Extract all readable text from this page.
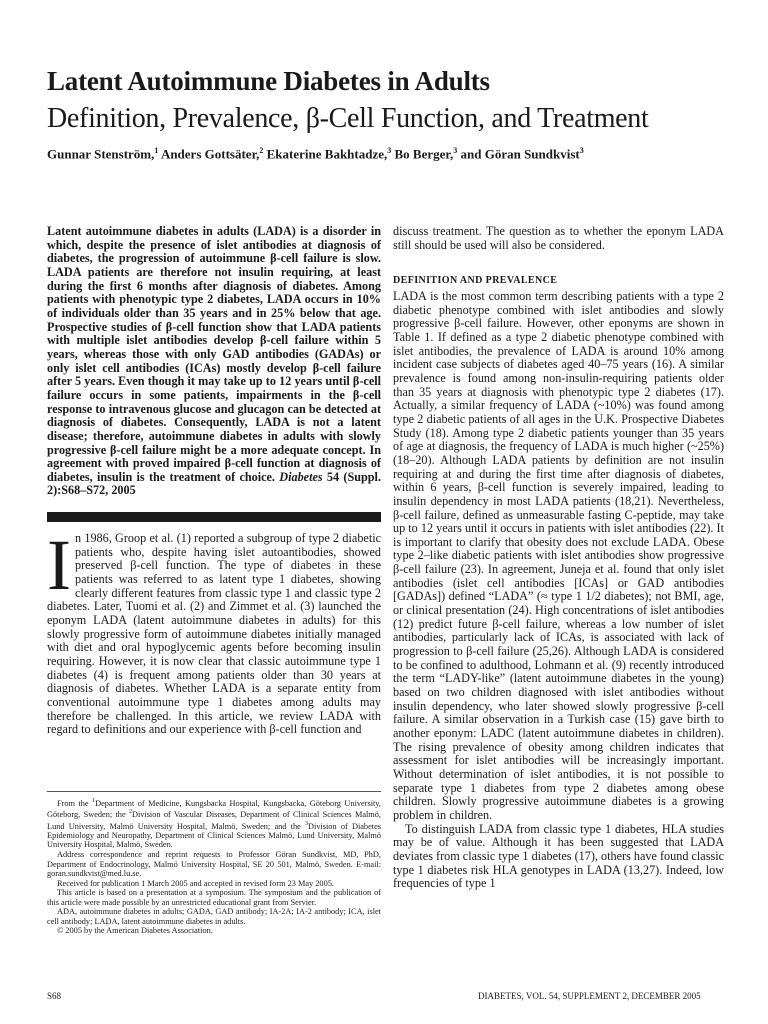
Latent Autoimmune Diabetes in Adults
Definition, Prevalence, β-Cell Function, and Treatment
Gunnar Stenström,$^1$ Anders Gottsäter,$^2$ Ekaterine Bakhtadze,$^3$ Bo Berger,$^3$ and Göran Sundkvist$^3$

Latent autoimmune diabetes in adults (LADA) is a disorder in which, despite the presence of islet antibodies at diagnosis of diabetes, the progression of autoimmune β-cell failure is slow. LADA patients are therefore not insulin requiring, at least during the first 6 months after diagnosis of diabetes. Among patients with phenotypic type 2 diabetes, LADA occurs in 10% of individuals older than 35 years and in 25% below that age. Prospective studies of β-cell function show that LADA patients with multiple islet antibodies develop β-cell failure within 5 years, whereas those with only GAD antibodies (GADAs) or only islet cell antibodies (ICAs) mostly develop β-cell failure after 5 years. Even though it may take up to 12 years until β-cell failure occurs in some patients, impairments in the β-cell response to intravenous glucose and glucagon can be detected at diagnosis of diabetes. Consequently, LADA is not a latent disease; therefore, autoimmune diabetes in adults with slowly progressive β-cell failure might be a more adequate concept. In agreement with proved impaired β-cell function at diagnosis of diabetes, insulin is the treatment of choice. Diabetes 54 (Suppl. 2):S68–S72, 2005

I n 1986, Groop et al. (1) reported a subgroup of type 2 diabetic patients who, despite having islet autoantibodies, showed preserved β-cell function. The type of diabetes in these patients was referred to as latent type 1 diabetes, showing clearly different features from classic type 1 and classic type 2 diabetes. Later, Tuomi et al. (2) and Zimmet et al. (3) launched the eponym LADA (latent autoimmune diabetes in adults) for this slowly progressive form of autoimmune diabetes initially managed with diet and oral hypoglycemic agents before becoming insulin requiring. However, it is now clear that classic autoimmune type 1 diabetes (4) is frequent among patients older than 30 years at diagnosis of diabetes. Whether LADA is a separate entity from conventional autoimmune type 1 diabetes among adults may therefore be challenged. In this article, we review LADA with regard to definitions and our experience with β-cell function and

From the $^1$Department of Medicine, Kungsbacka Hospital, Kungsbacka, Göteborg University, Göteborg, Sweden; the $^2$Division of Vascular Diseases, Department of Clinical Sciences Malmö, Lund University, Malmö University Hospital, Malmö, Sweden; and the $^3$Division of Diabetes Epidemiology and Neuropathy, Department of Clinical Sciences Malmö, Lund University, Malmö University Hospital, Malmö, Sweden.

Address correspondence and reprint requests to Professor Göran Sundkvist, MD, PhD, Department of Endocrinology, Malmö University Hospital, SE 20 501, Malmö, Sweden. E-mail: goran.sundkvist@med.lu.se.

Received for publication 1 March 2005 and accepted in revised form 23 May 2005.

This article is based on a presentation at a symposium. The symposium and the publication of this article were made possible by an unrestricted educational grant from Servier.

ADA, autoimmune diabetes in adults; GADA, GAD antibody; IA-2A; IA-2 antibody; ICA, islet cell antibody; LADA, latent autoimmune diabetes in adults.

© 2005 by the American Diabetes Association.

discuss treatment. The question as to whether the eponym LADA still should be used will also be considered.

DEFINITION AND PREVALENCE

LADA is the most common term describing patients with a type 2 diabetic phenotype combined with islet antibodies and slowly progressive β-cell failure. However, other eponyms are shown in Table 1. If defined as a type 2 diabetic phenotype combined with islet antibodies, the prevalence of LADA is around 10% among incident case subjects of diabetes aged 40–75 years (16). A similar prevalence is found among non-insulin-requiring patients older than 35 years at diagnosis with phenotypic type 2 diabetes (17). Actually, a similar frequency of LADA (~10%) was found among type 2 diabetic patients of all ages in the U.K. Prospective Diabetes Study (18). Among type 2 diabetic patients younger than 35 years of age at diagnosis, the frequency of LADA is much higher (~25%) (18–20). Although LADA patients by definition are not insulin requiring at and during the first time after diagnosis of diabetes, within 6 years, β-cell function is severely impaired, leading to insulin dependency in most LADA patients (18,21). Nevertheless, β-cell failure, defined as unmeasurable fasting C-peptide, may take up to 12 years until it occurs in patients with islet antibodies (22). It is important to clarify that obesity does not exclude LADA. Obese type 2–like diabetic patients with islet antibodies show progressive β-cell failure (23). In agreement, Juneja et al. found that only islet antibodies (islet cell antibodies [ICAs] or GAD antibodies [GADAs]) defined “LADA” (≈ type 1 1/2 diabetes); not BMI, age, or clinical presentation (24). High concentrations of islet antibodies (12) predict future β-cell failure, whereas a low number of islet antibodies, particularly lack of ICAs, is associated with lack of progression to β-cell failure (25,26). Although LADA is considered to be confined to adulthood, Lohmann et al. (9) recently introduced the term “LADY-like” (latent autoimmune diabetes in the young) based on two children diagnosed with islet antibodies without insulin dependency, who later showed slowly progressive β-cell failure. A similar observation in a Turkish case (15) gave birth to another eponym: LADC (latent autoimmune diabetes in children). The rising prevalence of obesity among children indicates that assessment for islet antibodies will be increasingly important. Without determination of islet antibodies, it is not possible to separate type 1 diabetes from type 2 diabetes among obese children. Slowly progressive autoimmune diabetes is a growing problem in children.

To distinguish LADA from classic type 1 diabetes, HLA studies may be of value. Although it has been suggested that LADA deviates from classic type 1 diabetes (17), others have found classic type 1 diabetes risk HLA genotypes in LADA (13,27). Indeed, low frequencies of type 1

S68	DIABETES, VOL. 54, SUPPLEMENT 2, DECEMBER 2005
